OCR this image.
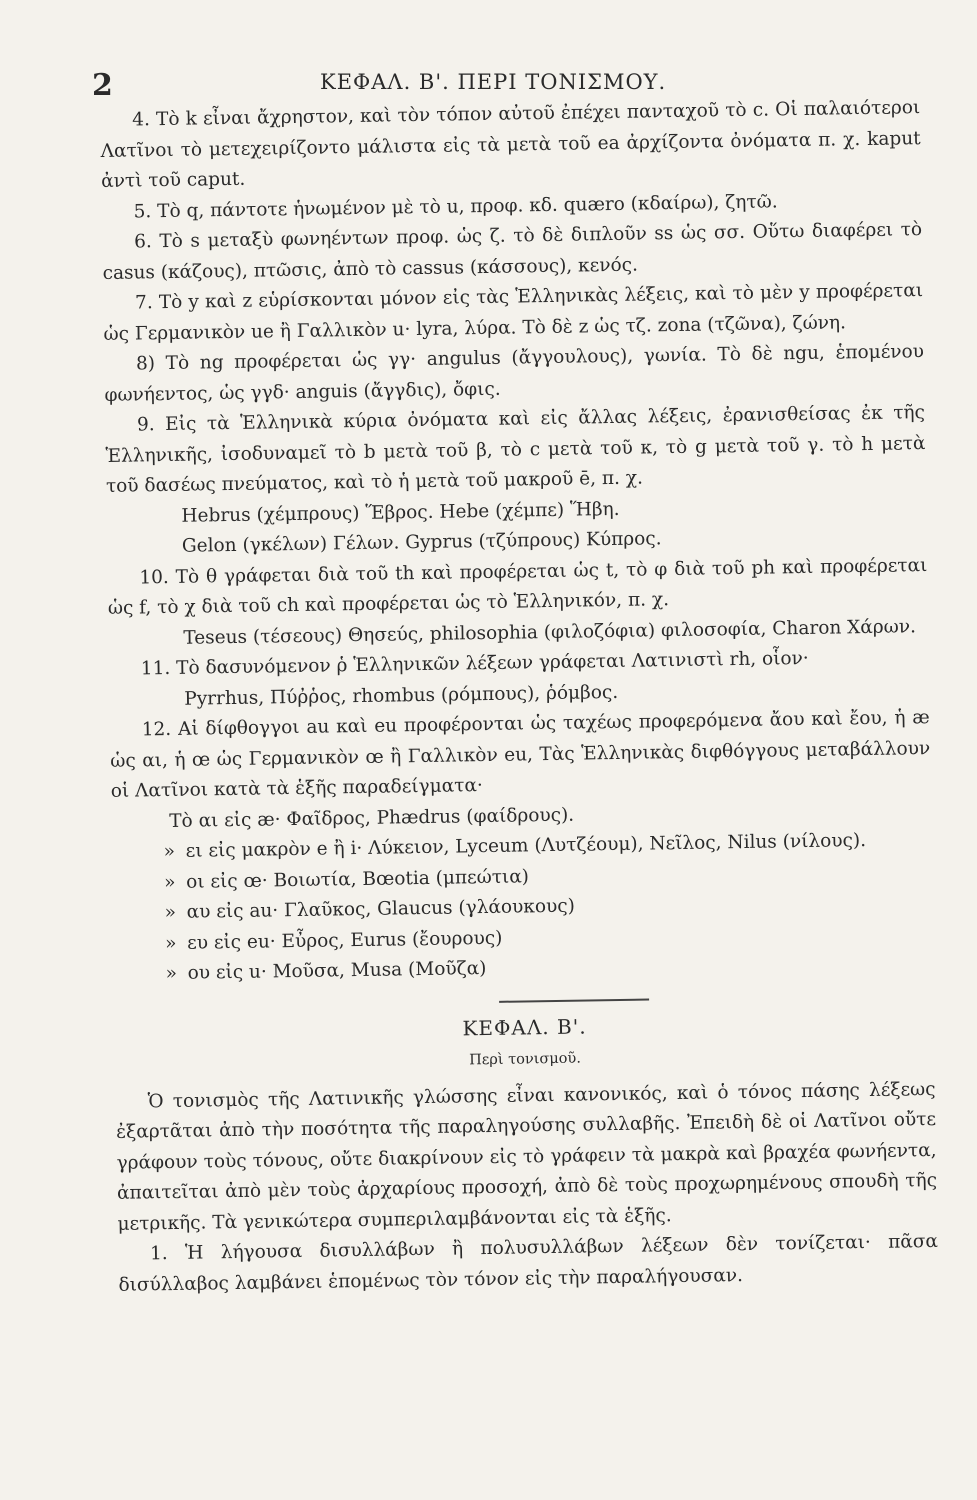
2	ΚΕΦΑΛ. Β'. ΠΕΡΙ ΤΟΝΙΣΜΟΥ.

4. Τὸ k εἶναι ἄχρηστον, καὶ τὸν τόπον αὐτοῦ ἐπέχει πανταχοῦ τὸ c. Οἱ παλαιότεροι Λατῖνοι τὸ μετεχειρίζοντο μάλιστα εἰς τὰ μετὰ τοῦ ea ἀρχίζοντα ὀνόματα π. χ. kaput ἀντὶ τοῦ caput.

5. Τὸ q, πάντοτε ἡνωμένον μὲ τὸ u, προφ. κδ. quæro (κδαίρω), ζητῶ.

6. Τὸ s μεταξὺ φωνηέντων προφ. ὡς ζ. τὸ δὲ διπλοῦν ss ὡς σσ. Οὕτω διαφέρει τὸ casus (κάζους), πτῶσις, ἀπὸ τὸ cassus (κάσσους), κενός.

7. Τὸ y καὶ z εὑρίσκονται μόνον εἰς τὰς Ἑλληνικὰς λέξεις, καὶ τὸ μὲν y προφέρεται ὡς Γερμανικὸν ue ἢ Γαλλικὸν u· lyra, λύρα. Τὸ δὲ z ὡς τζ. zona (τζῶνα), ζώνη.

8) Τὸ ng προφέρεται ὡς γγ· angulus (ἄγγουλους), γωνία. Τὸ δὲ ngu, ἑπομένου φωνήεντος, ὡς γγδ· anguis (ἄγγδις), ὄφις.

9. Εἰς τὰ Ἑλληνικὰ κύρια ὀνόματα καὶ εἰς ἄλλας λέξεις, ἐρανισθείσας ἐκ τῆς Ἑλληνικῆς, ἰσοδυναμεῖ τὸ b μετὰ τοῦ β, τὸ c μετὰ τοῦ κ, τὸ g μετὰ τοῦ γ. τὸ h μετὰ τοῦ δασέως πνεύματος, καὶ τὸ ἡ μετὰ τοῦ μακροῦ ē, π. χ.

Hebrus (χέμπρους) Ἕβρος. Hebe (χέμπε) Ἥβη.

Gelon (γκέλων) Γέλων. Gyprus (τζύπρους) Κύπρος.

10. Τὸ θ γράφεται διὰ τοῦ th καὶ προφέρεται ὡς t, τὸ φ διὰ τοῦ ph καὶ προφέρεται ὡς f, τὸ χ διὰ τοῦ ch καὶ προφέρεται ὡς τὸ Ἑλληνικόν, π. χ.

Teseus (τέσεους) Θησεύς, philosophia (φιλοζόφια) φιλοσοφία, Charon Χάρων.

11. Τὸ δασυνόμενον ῥ Ἑλληνικῶν λέξεων γράφεται Λατινιστὶ rh, οἷον·

Pyrrhus, Πύῤῥος, rhombus (ρόμπους), ῥόμβος.

12. Αἱ δίφθογγοι au καὶ eu προφέρονται ὡς ταχέως προφερόμενα ἄου καὶ ἔου, ἡ æ ὡς αι, ἡ œ ὡς Γερμανικὸν œ ἢ Γαλλικὸν eu, Τὰς Ἑλληνικὰς διφθόγγους μεταβάλλουν οἱ Λατῖνοι κατὰ τὰ ἑξῆς παραδείγματα·

Τὸ αι εἰς æ· Φαῖδρος, Phædrus (φαίδρους).

» ει εἰς μακρὸν e ἢ i· Λύκειον, Lyceum (Λυτζέουμ), Νεῖλος, Nilus (νίλους).

» οι εἰς œ· Βοιωτία, Bœotia (μπεώτια)

» αυ εἰς au· Γλαῦκος, Glaucus (γλάουκους)

» ευ εἰς eu· Εὖρος, Eurus (ἔουρους)

» ου εἰς u· Μοῦσα, Musa (Μοῦζα)

ΚΕΦΑΛ. Β'.

Περὶ τονισμοῦ.

Ὁ τονισμὸς τῆς Λατινικῆς γλώσσης εἶναι κανονικός, καὶ ὁ τόνος πάσης λέξεως ἐξαρτᾶται ἀπὸ τὴν ποσότητα τῆς παραληγούσης συλλαβῆς. Ἐπειδὴ δὲ οἱ Λατῖνοι οὔτε γράφουν τοὺς τόνους, οὔτε διακρίνουν εἰς τὸ γράφειν τὰ μακρὰ καὶ βραχέα φωνήεντα, ἀπαιτεῖται ἀπὸ μὲν τοὺς ἀρχαρίους προσοχή, ἀπὸ δὲ τοὺς προχωρημένους σπουδὴ τῆς μετρικῆς. Τὰ γενικώτερα συμπεριλαμβάνονται εἰς τὰ ἑξῆς.

1. Ἡ λήγουσα δισυλλάβων ἢ πολυσυλλάβων λέξεων δὲν τονίζεται· πᾶσα δισύλλαβος λαμβάνει ἑπομένως τὸν τόνον εἰς τὴν παραλήγουσαν.
